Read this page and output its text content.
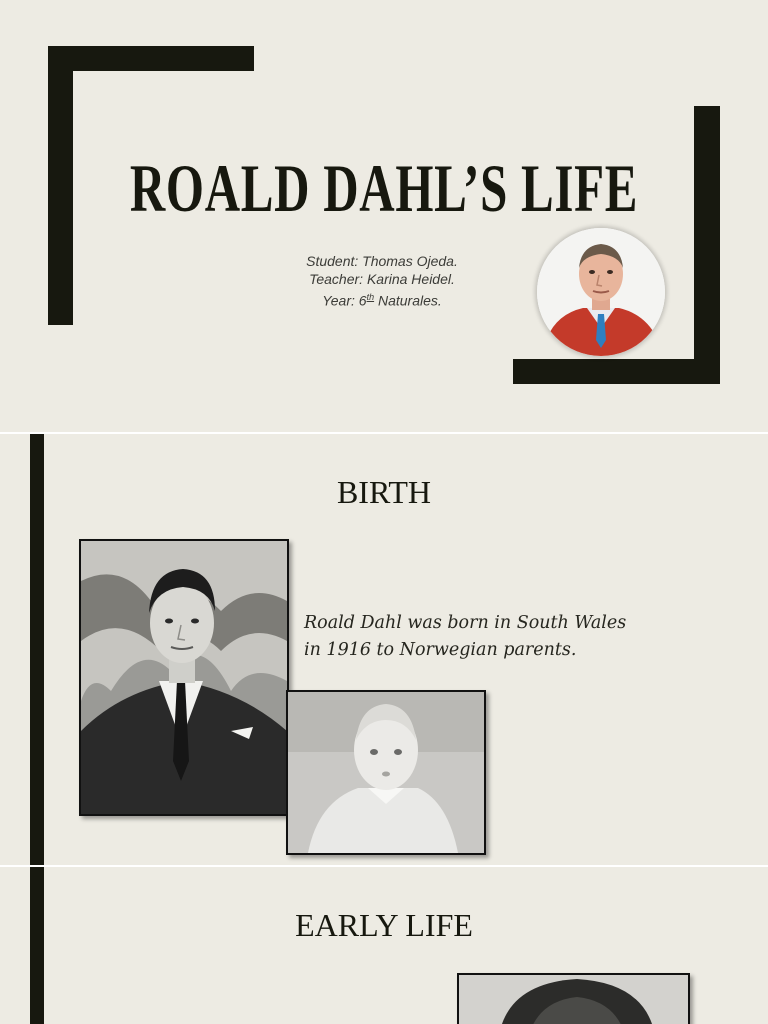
ROALD DAHL’S LIFE
Student: Thomas Ojeda.
Teacher: Karina Heidel.
Year: 6th Naturales.
BIRTH
Roald Dahl was born in South Wales
in 1916 to Norwegian parents.
EARLY LIFE
